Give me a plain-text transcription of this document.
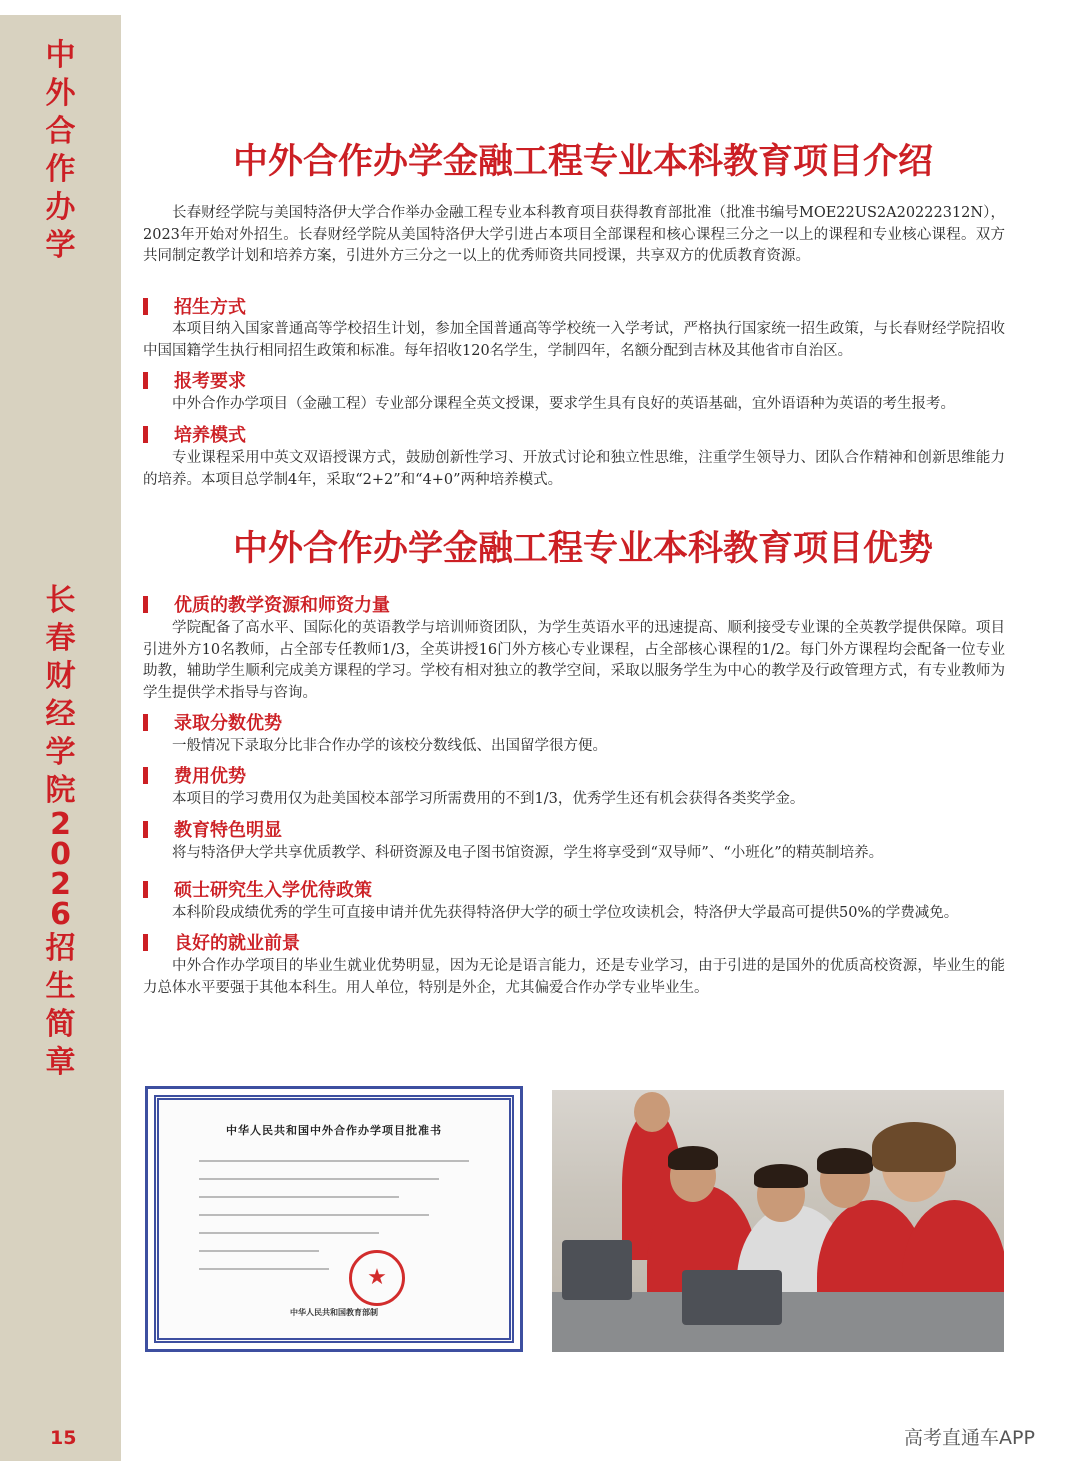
中
外
合
作
办
学
长
春
财
经
学
院
2
0
2
6
招
生
简
章
15
中外合作办学金融工程专业本科教育项目介绍
长春财经学院与美国特洛伊大学合作举办金融工程专业本科教育项目获得教育部批准（批准书编号MOE22US2A20222312N），2023年开始对外招生。长春财经学院从美国特洛伊大学引进占本项目全部课程和核心课程三分之一以上的课程和专业核心课程。双方共同制定教学计划和培养方案，引进外方三分之一以上的优秀师资共同授课，共享双方的优质教育资源。
招生方式
本项目纳入国家普通高等学校招生计划，参加全国普通高等学校统一入学考试，严格执行国家统一招生政策，与长春财经学院招收中国国籍学生执行相同招生政策和标准。每年招收120名学生，学制四年，名额分配到吉林及其他省市自治区。
报考要求
中外合作办学项目（金融工程）专业部分课程全英文授课，要求学生具有良好的英语基础，宜外语语种为英语的考生报考。
培养模式
专业课程采用中英文双语授课方式，鼓励创新性学习、开放式讨论和独立性思维，注重学生领导力、团队合作精神和创新思维能力的培养。本项目总学制4年，采取“2+2”和“4+0”两种培养模式。
中外合作办学金融工程专业本科教育项目优势
优质的教学资源和师资力量
学院配备了高水平、国际化的英语教学与培训师资团队，为学生英语水平的迅速提高、顺利接受专业课的全英教学提供保障。项目引进外方10名教师，占全部专任教师1/3，全英讲授16门外方核心专业课程，占全部核心课程的1/2。每门外方课程均会配备一位专业助教，辅助学生顺利完成美方课程的学习。学校有相对独立的教学空间，采取以服务学生为中心的教学及行政管理方式，有专业教师为学生提供学术指导与咨询。
录取分数优势
一般情况下录取分比非合作办学的该校分数线低、出国留学很方便。
费用优势
本项目的学习费用仅为赴美国校本部学习所需费用的不到1/3，优秀学生还有机会获得各类奖学金。
教育特色明显
将与特洛伊大学共享优质教学、科研资源及电子图书馆资源，学生将享受到“双导师”、“小班化”的精英制培养。
硕士研究生入学优待政策
本科阶段成绩优秀的学生可直接申请并优先获得特洛伊大学的硕士学位攻读机会，特洛伊大学最高可提供50%的学费减免。
良好的就业前景
中外合作办学项目的毕业生就业优势明显，因为无论是语言能力，还是专业学习，由于引进的是国外的优质高校资源，毕业生的能力总体水平要强于其他本科生。用人单位，特别是外企，尤其偏爱合作办学专业毕业生。
中华人民共和国中外合作办学项目批准书
★
中华人民共和国教育部制
高考直通车APP
